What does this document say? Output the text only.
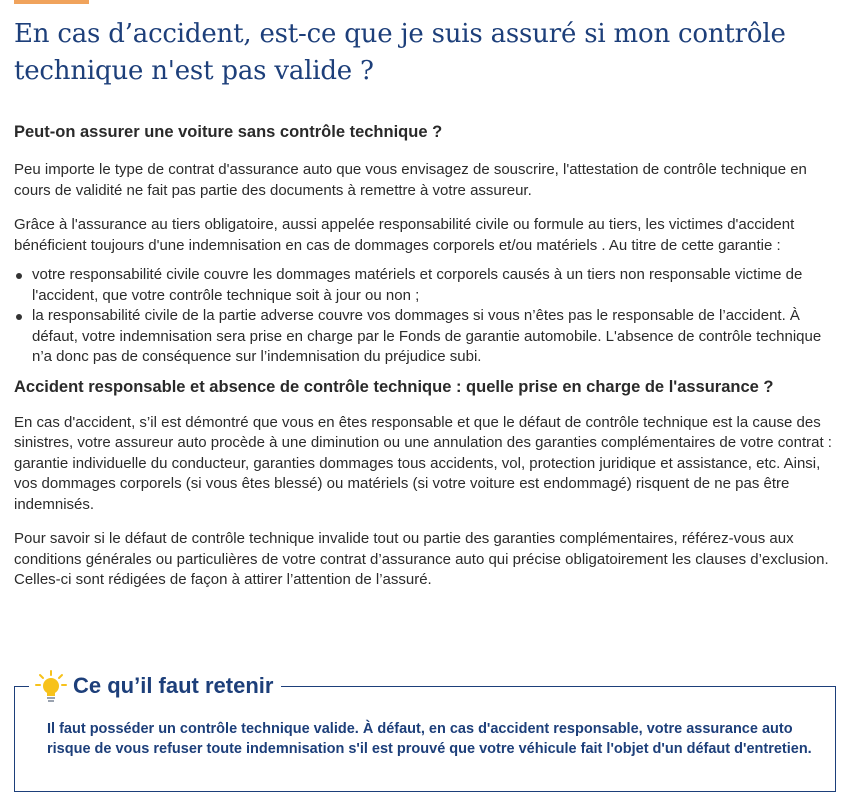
En cas d’accident, est-ce que je suis assuré si mon contrôle technique n'est pas valide ?
Peut-on assurer une voiture sans contrôle technique ?

Peu importe le type de contrat d'assurance auto que vous envisagez de souscrire, l'attestation de contrôle technique en cours de validité ne fait pas partie des documents à remettre à votre assureur.

Grâce à l'assurance au tiers obligatoire, aussi appelée responsabilité civile ou formule au tiers, les victimes d'accident bénéficient toujours d'une indemnisation en cas de dommages corporels et/ou matériels . Au titre de cette garantie :

votre responsabilité civile couvre les dommages matériels et corporels causés à un tiers non responsable victime de l'accident, que votre contrôle technique soit à jour ou non ;
la responsabilité civile de la partie adverse couvre vos dommages si vous n’êtes pas le responsable de l’accident. À défaut, votre indemnisation sera prise en charge par le Fonds de garantie automobile. L'absence de contrôle technique n’a donc pas de conséquence sur l’indemnisation du préjudice subi.
Accident responsable et absence de contrôle technique : quelle prise en charge de l'assurance ?

En cas d'accident, s’il est démontré que vous en êtes responsable et que le défaut de contrôle technique est la cause des sinistres, votre assureur auto procède à une diminution ou une annulation des garanties complémentaires de votre contrat : garantie individuelle du conducteur, garanties dommages tous accidents, vol, protection juridique et assistance, etc. Ainsi, vos dommages corporels (si vous êtes blessé) ou matériels (si votre voiture est endommagé) risquent de ne pas être indemnisés.

Pour savoir si le défaut de contrôle technique invalide tout ou partie des garanties complémentaires, référez-vous aux conditions générales ou particulières de votre contrat d’assurance auto qui précise obligatoirement les clauses d’exclusion. Celles-ci sont rédigées de façon à attirer l’attention de l’assuré.

Ce qu’il faut retenir

Il faut posséder un contrôle technique valide. À défaut, en cas d'accident responsable, votre assurance auto risque de vous refuser toute indemnisation s'il est prouvé que votre véhicule fait l'objet d'un défaut d'entretien.
